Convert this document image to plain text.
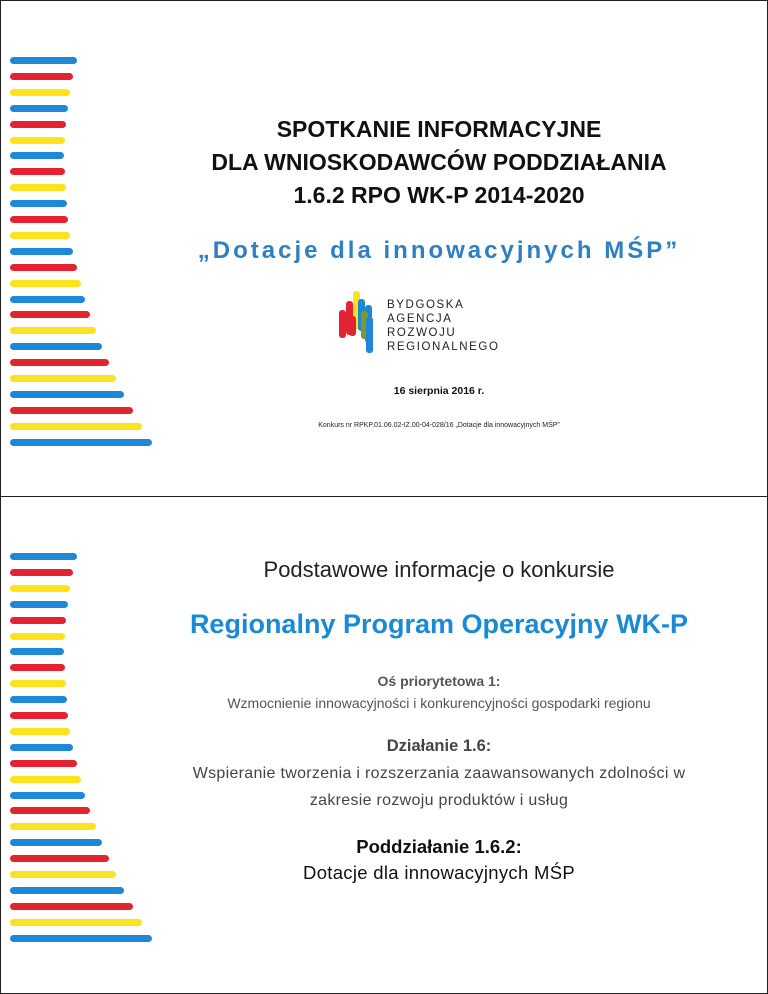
SPOTKANIE INFORMACYJNE
DLA WNIOSKODAWCÓW PODDZIAŁANIA
1.6.2 RPO WK-P 2014-2020
„Dotacje dla innowacyjnych MŚP”
BYDGOSKA
AGENCJA
ROZWOJU
REGIONALNEGO
16 sierpnia 2016 r.
Konkurs nr RPKP.01.06.02-IZ.00-04-028/16 „Dotacje dla innowacyjnych MŚP”
Podstawowe informacje o konkursie
Regionalny Program Operacyjny WK-P
Oś priorytetowa 1:
Wzmocnienie innowacyjności i konkurencyjności gospodarki regionu
Działanie 1.6:
Wspieranie tworzenia i rozszerzania zaawansowanych zdolności w
zakresie rozwoju produktów i usług
Poddziałanie 1.6.2:
Dotacje dla innowacyjnych MŚP
